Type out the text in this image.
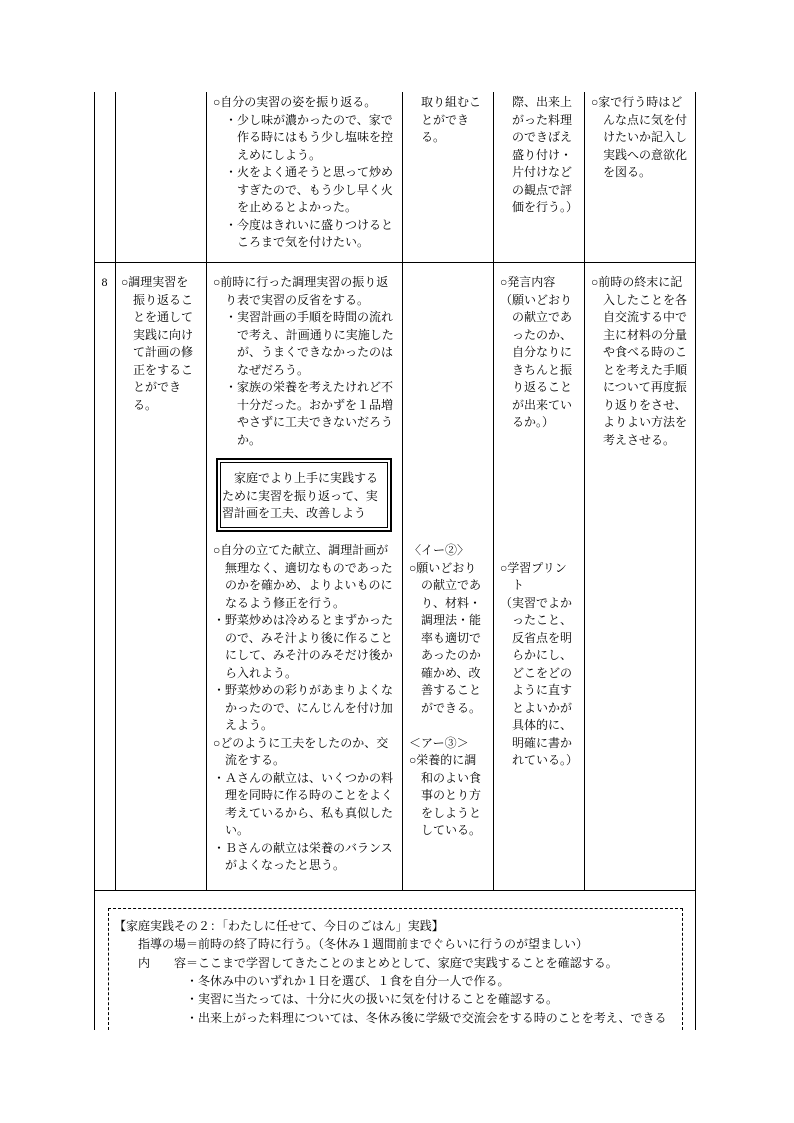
○自分の実習の姿を振り返る。
・少し味が濃かったので、家で
作る時にはもう少し塩味を控
えめにしよう。
・火をよく通そうと思って炒め
すぎたので、もう少し早く火
を止めるとよかった。
・今度はきれいに盛りつけると
ころまで気を付けたい。
取り組むこ
とができ
る。
際、出来上
がった料理
のできばえ
盛り付け・
片付けなど
の観点で評
価を行う。）
○家で行う時はど
んな点に気を付
けたいか記入し
実践への意欲化
を図る。
8	○調理実習を
振り返るこ
とを通して
実践に向け
て計画の修
正をするこ
とができ
る。
○前時に行った調理実習の振り返
り表で実習の反省をする。
・実習計画の手順を時間の流れ
で考え、計画通りに実施した
が、うまくできなかったのは
なぜだろう。
・家族の栄養を考えたけれど不
十分だった。おかずを１品増
やさずに工夫できないだろう
か。
家庭でより上手に実践する
ために実習を振り返って、実
習計画を工夫、改善しよう
○自分の立てた献立、調理計画が
無理なく、適切なものであった
のかを確かめ、よりよいものに
なるよう修正を行う。
・野菜炒めは冷めるとまずかった
ので、みそ汁より後に作ること
にして、みそ汁のみそだけ後か
ら入れよう。
・野菜炒めの彩りがあまりよくな
かったので、にんじんを付け加
えよう。
○どのように工夫をしたのか、交
流をする。
・Ａさんの献立は、いくつかの料
理を同時に作る時のことをよく
考えているから、私も真似した
い。
・Ｂさんの献立は栄養のバランス
がよくなったと思う。
〈イー②〉
○願いどおり
の献立であ
り、材料・
調理法・能
率も適切で
あったのか
確かめ、改
善すること
ができる。
＜アー③＞
○栄養的に調
和のよい食
事のとり方
をしようと
している。
○発言内容
（願いどおり
の献立であ
ったのか、
自分なりに
きちんと振
り返ること
が出来てい
るか。）
○学習プリン
ト
（実習でよか
ったこと、
反省点を明
らかにし、
どこをどの
ように直す
とよいかが
具体的に、
明確に書か
れている。）
○前時の終末に記
入したことを各
自交流する中で
主に材料の分量
や食べる時のこ
とを考えた手順
について再度振
り返りをさせ、
よりよい方法を
考えさせる。
【家庭実践その２：「わたしに任せて、今日のごはん」実践】
指導の場＝前時の終了時に行う。（冬休み１週間前までぐらいに行うのが望ましい）
内　　容＝ここまで学習してきたことのまとめとして、家庭で実践することを確認する。
・冬休み中のいずれか１日を選び、１食を自分一人で作る。
・実習に当たっては、十分に火の扱いに気を付けることを確認する。
・出来上がった料理については、冬休み後に学級で交流会をする時のことを考え、できる
